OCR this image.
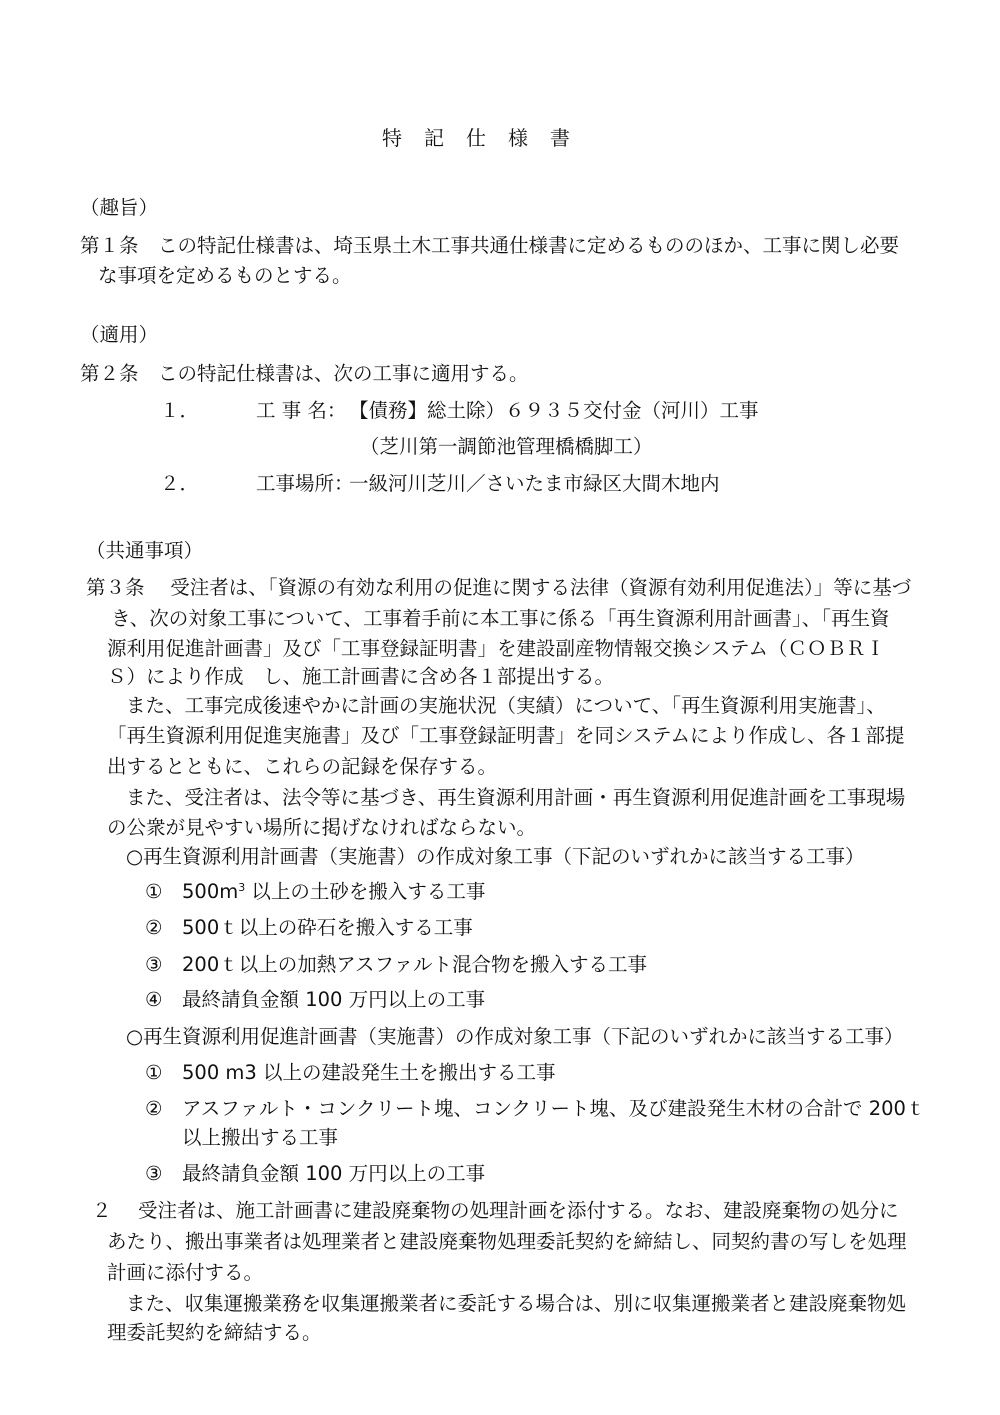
特記仕様書
（趣旨）
第１条　この特記仕様書は、埼玉県土木工事共通仕様書に定めるもののほか、工事に関し必要
な事項を定めるものとする。
（適用）
第２条　この特記仕様書は、次の工事に適用する。
１．	工 事 名： 【債務】総土除）６９３５交付金（河川）工事
（芝川第一調節池管理橋橋脚工）
２．	工事場所：
一級河川芝川／さいたま市緑区大間木地内
（共通事項）
第３条　 受注者は、「資源の有効な利用の促進に関する法律（資源有効利用促進法）」等に基づ
き、次の対象工事について、工事着手前に本工事に係る「再生資源利用計画書」、「再生資
源利用促進計画書」及び「工事登録証明書」を建設副産物情報交換システム（ＣＯＢＲＩ
Ｓ）により作成　し、施工計画書に含め各１部提出する。
また、工事完成後速やかに計画の実施状況（実績）について、「再生資源利用実施書」、
「再生資源利用促進実施書」及び「工事登録証明書」を同システムにより作成し、各１部提
出するとともに、これらの記録を保存する。
また、受注者は、法令等に基づき、再生資源利用計画・再生資源利用促進計画を工事現場
の公衆が見やすい場所に掲げなければならない。
○再生資源利用計画書（実施書）の作成対象工事（下記のいずれかに該当する工事）
① $500m^3$ 以上の土砂を搬入する工事
② 500ｔ以上の砕石を搬入する工事
③ 200ｔ以上の加熱アスファルト混合物を搬入する工事
④ 最終請負金額 100 万円以上の工事
○再生資源利用促進計画書（実施書）の作成対象工事（下記のいずれかに該当する工事）
① 500 m3 以上の建設発生土を搬出する工事
② アスファルト・コンクリート塊、コンクリート塊、及び建設発生木材の合計で 200ｔ
以上搬出する工事
③ 最終請負金額 100 万円以上の工事
２ 受注者は、施工計画書に建設廃棄物の処理計画を添付する。なお、建設廃棄物の処分に
あたり、搬出事業者は処理業者と建設廃棄物処理委託契約を締結し、同契約書の写しを処理
計画に添付する。
また、収集運搬業務を収集運搬業者に委託する場合は、別に収集運搬業者と建設廃棄物処
理委託契約を締結する。
